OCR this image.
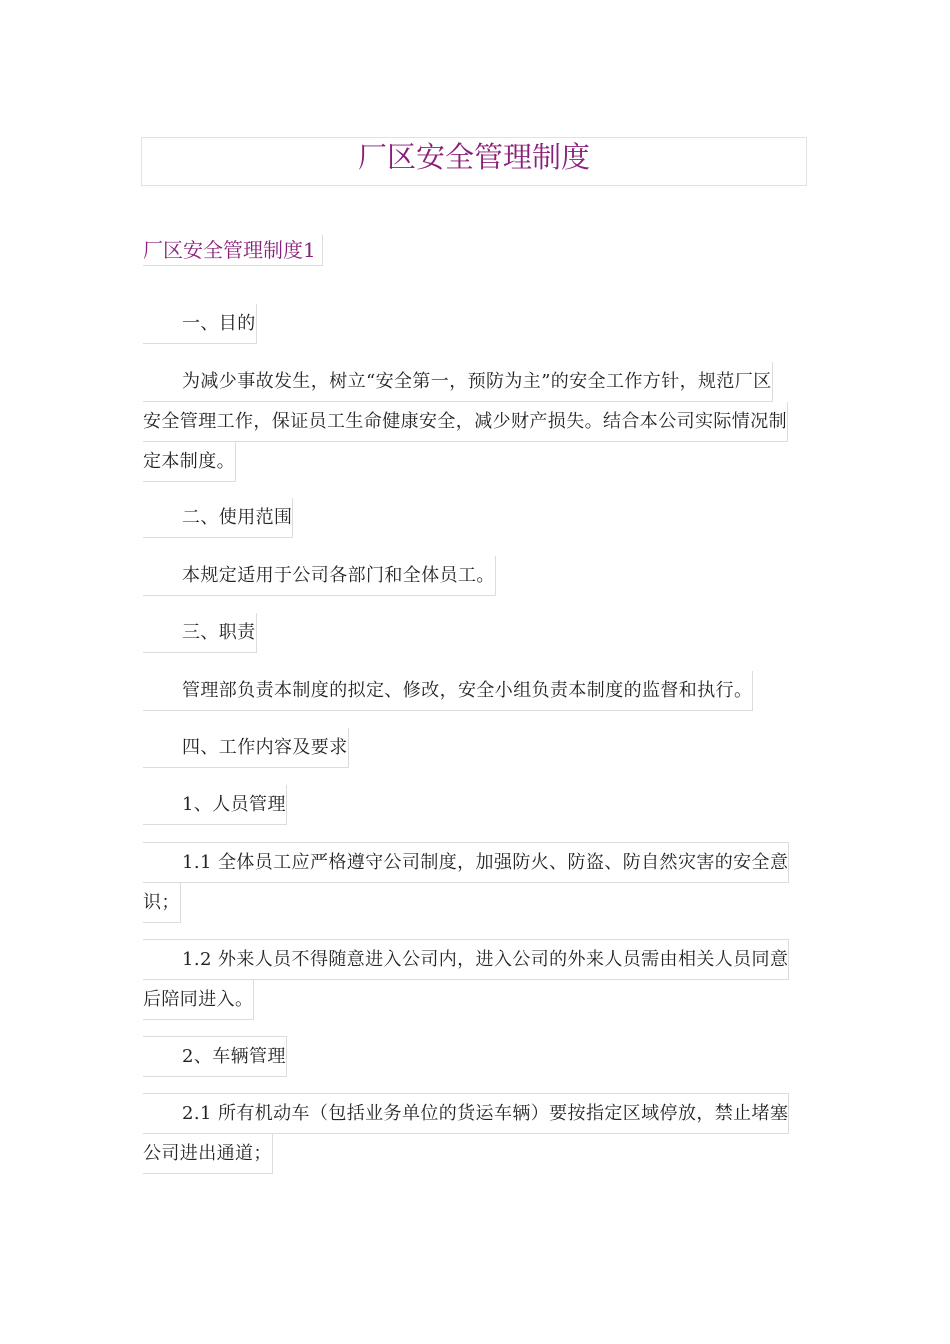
厂区安全管理制度
厂区安全管理制度1
一、目的
为减少事故发生，树立“安全第一，预防为主”的安全工作方针，规范厂区
安全管理工作，保证员工生命健康安全，减少财产损失。结合本公司实际情况制
定本制度。
二、使用范围
本规定适用于公司各部门和全体员工。
三、职责
管理部负责本制度的拟定、修改，安全小组负责本制度的监督和执行。
四、工作内容及要求
1、人员管理
1.1 全体员工应严格遵守公司制度，加强防火、防盗、防自然灾害的安全意
识；
1.2 外来人员不得随意进入公司内，进入公司的外来人员需由相关人员同意
后陪同进入。
2、车辆管理
2.1 所有机动车（包括业务单位的货运车辆）要按指定区域停放，禁止堵塞
公司进出通道；
